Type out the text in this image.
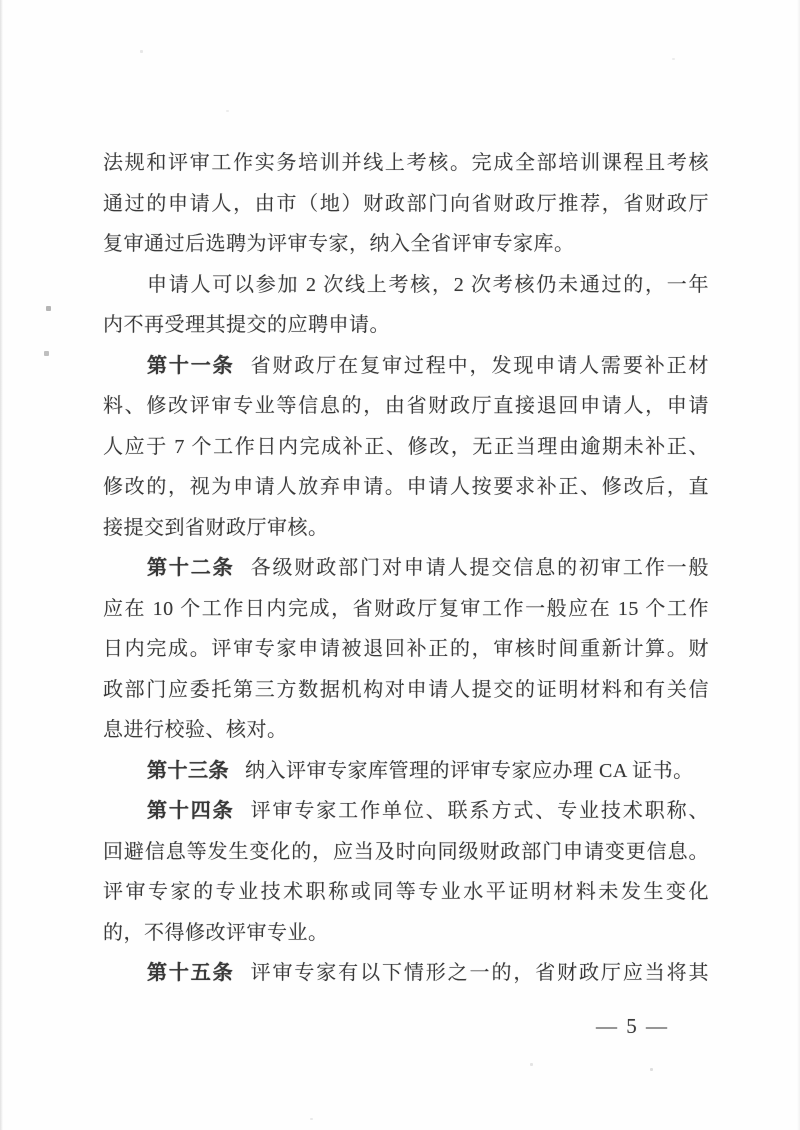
法规和评审工作实务培训并线上考核。完成全部培训课程且考核
通过的申请人，由市（地）财政部门向省财政厅推荐，省财政厅
复审通过后选聘为评审专家，纳入全省评审专家库。
申请人可以参加 2 次线上考核，2 次考核仍未通过的，一年
内不再受理其提交的应聘申请。
第十一条 省财政厅在复审过程中，发现申请人需要补正材
料、修改评审专业等信息的，由省财政厅直接退回申请人，申请
人应于 7 个工作日内完成补正、修改，无正当理由逾期未补正、
修改的，视为申请人放弃申请。申请人按要求补正、修改后，直
接提交到省财政厅审核。
第十二条 各级财政部门对申请人提交信息的初审工作一般
应在 10 个工作日内完成，省财政厅复审工作一般应在 15 个工作
日内完成。评审专家申请被退回补正的，审核时间重新计算。财
政部门应委托第三方数据机构对申请人提交的证明材料和有关信
息进行校验、核对。
第十三条 纳入评审专家库管理的评审专家应办理 CA 证书。
第十四条 评审专家工作单位、联系方式、专业技术职称、
回避信息等发生变化的，应当及时向同级财政部门申请变更信息。
评审专家的专业技术职称或同等专业水平证明材料未发生变化
的，不得修改评审专业。
第十五条 评审专家有以下情形之一的，省财政厅应当将其
— 5 —
